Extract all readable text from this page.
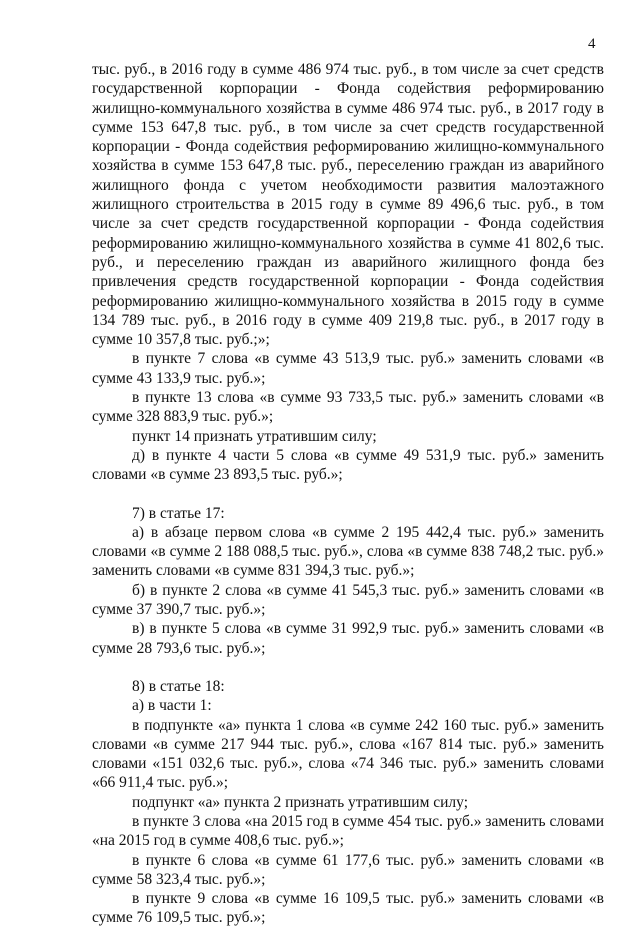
4

тыс. руб., в 2016 году в сумме 486 974 тыс. руб., в том числе за счет средств государственной корпорации - Фонда содействия реформированию жилищно-коммунального хозяйства в сумме 486 974 тыс. руб., в 2017 году в сумме 153 647,8 тыс. руб., в том числе за счет средств государственной корпорации - Фонда содействия реформированию жилищно-коммунального хозяйства в сумме 153 647,8 тыс. руб., переселению граждан из аварийного жилищного фонда с учетом необходимости развития малоэтажного жилищного строительства в 2015 году в сумме 89 496,6 тыс. руб., в том числе за счет средств государственной корпорации - Фонда содействия реформированию жилищно-коммунального хозяйства в сумме 41 802,6 тыс. руб., и переселению граждан из аварийного жилищного фонда без привлечения средств государственной корпорации - Фонда содействия реформированию жилищно-коммунального хозяйства в 2015 году в сумме 134 789 тыс. руб., в 2016 году в сумме 409 219,8 тыс. руб., в 2017 году в сумме 10 357,8 тыс. руб.;»;

в пункте 7 слова «в сумме 43 513,9 тыс. руб.» заменить словами «в сумме 43 133,9 тыс. руб.»;

в пункте 13 слова «в сумме 93 733,5 тыс. руб.» заменить словами «в сумме 328 883,9 тыс. руб.»;

пункт 14 признать утратившим силу;

д) в пункте 4 части 5 слова «в сумме 49 531,9 тыс. руб.» заменить словами «в сумме 23 893,5 тыс. руб.»;

7) в статье 17:

а) в абзаце первом слова «в сумме 2 195 442,4 тыс. руб.» заменить словами «в сумме 2 188 088,5 тыс. руб.», слова «в сумме 838 748,2 тыс. руб.» заменить словами «в сумме 831 394,3 тыс. руб.»;

б) в пункте 2 слова «в сумме 41 545,3 тыс. руб.» заменить словами «в сумме 37 390,7 тыс. руб.»;

в) в пункте 5 слова «в сумме 31 992,9 тыс. руб.» заменить словами «в сумме 28 793,6 тыс. руб.»;

8) в статье 18:

а) в части 1:

в подпункте «а» пункта 1 слова «в сумме 242 160 тыс. руб.» заменить словами «в сумме 217 944 тыс. руб.», слова «167 814 тыс. руб.» заменить словами «151 032,6 тыс. руб.», слова «74 346 тыс. руб.» заменить словами «66 911,4 тыс. руб.»;

подпункт «а» пункта 2 признать утратившим силу;

в пункте 3 слова «на 2015 год в сумме 454 тыс. руб.» заменить словами «на 2015 год в сумме 408,6 тыс. руб.»;

в пункте 6 слова «в сумме 61 177,6 тыс. руб.» заменить словами «в сумме 58 323,4 тыс. руб.»;

в пункте 9 слова «в сумме 16 109,5 тыс. руб.» заменить словами «в сумме 76 109,5 тыс. руб.»;
